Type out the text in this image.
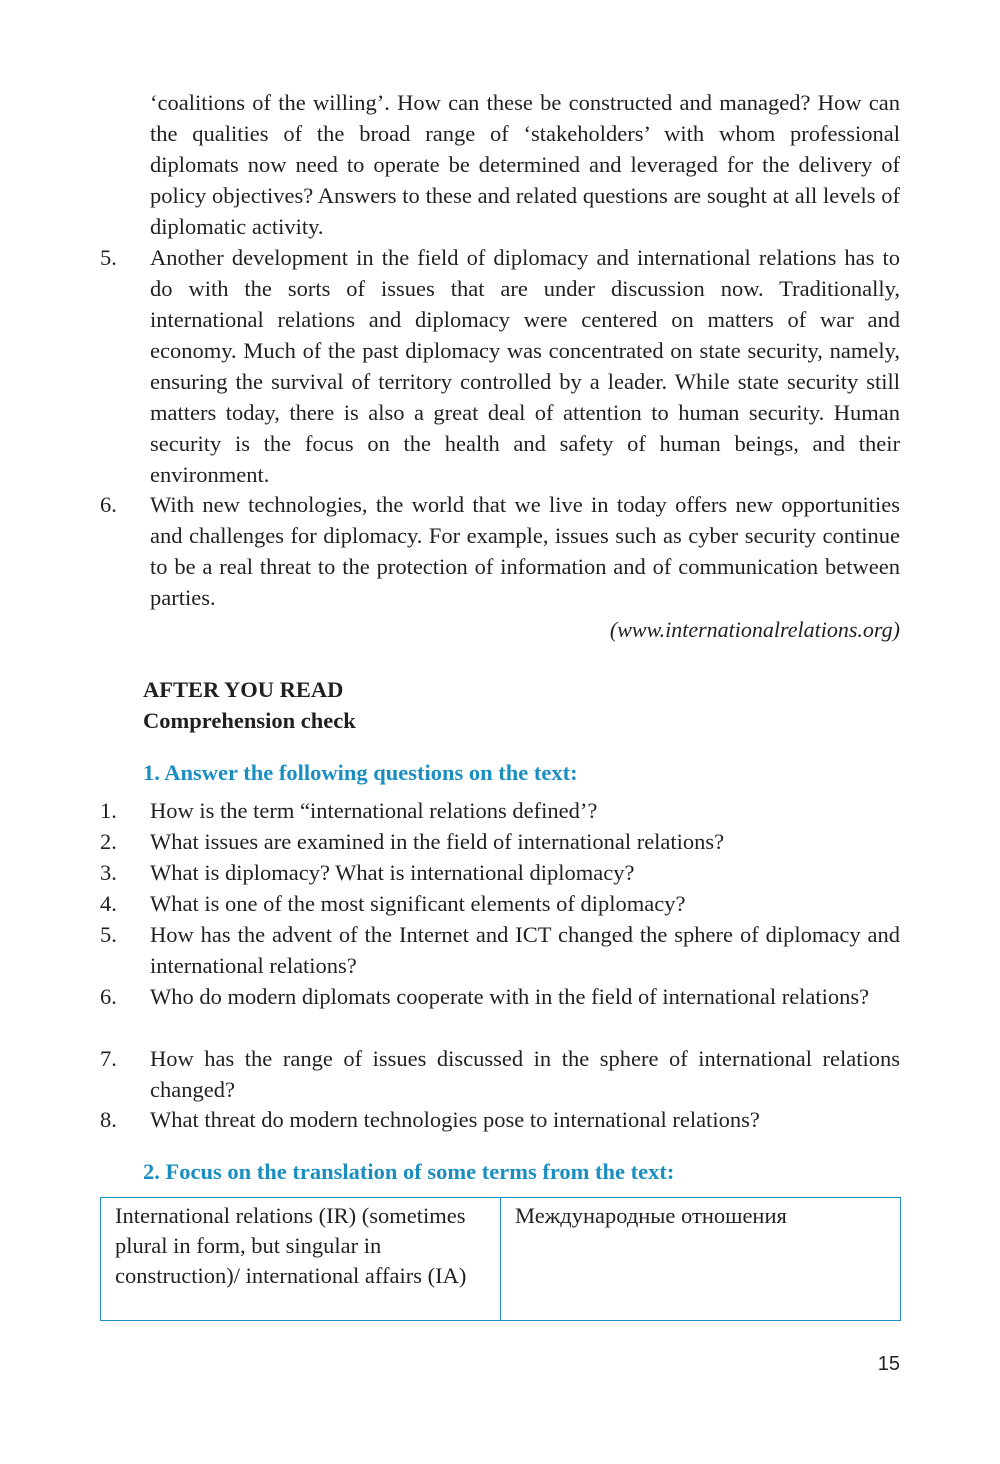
‘coalitions of the willing’. How can these be constructed and managed? How can the qualities of the broad range of ‘stakeholders’ with whom professional diplomats now need to operate be determined and leveraged for the delivery of policy objectives? Answers to these and related questions are sought at all levels of diplomatic activity.

5. Another development in the field of diplomacy and international relations has to do with the sorts of issues that are under discussion now. Traditionally, international relations and diplomacy were centered on matters of war and economy. Much of the past diplomacy was concentrated on state security, namely, ensuring the survival of territory controlled by a leader. While state security still matters today, there is also a great deal of attention to human security. Human security is the focus on the health and safety of human beings, and their environment.

6. With new technologies, the world that we live in today offers new opportunities and challenges for diplomacy. For example, issues such as cyber security continue to be a real threat to the protection of information and of communication between parties.

(www.internationalrelations.org)
AFTER YOU READ
Comprehension check
1. Answer the following questions on the text:
1. How is the term “international relations defined’?
2. What issues are examined in the field of international relations?
3. What is diplomacy? What is international diplomacy?
4. What is one of the most significant elements of diplomacy?
5. How has the advent of the Internet and ICT changed the sphere of diplomacy and international relations?
6. Who do modern diplomats cooperate with in the field of international relations?
7. How has the range of issues discussed in the sphere of international relations changed?
8. What threat do modern technologies pose to international relations?
2. Focus on the translation of some terms from the text:
International relations (IR) (sometimes plural in form, but singular in construction)/ international affairs (IA)
Международные отношения
15
